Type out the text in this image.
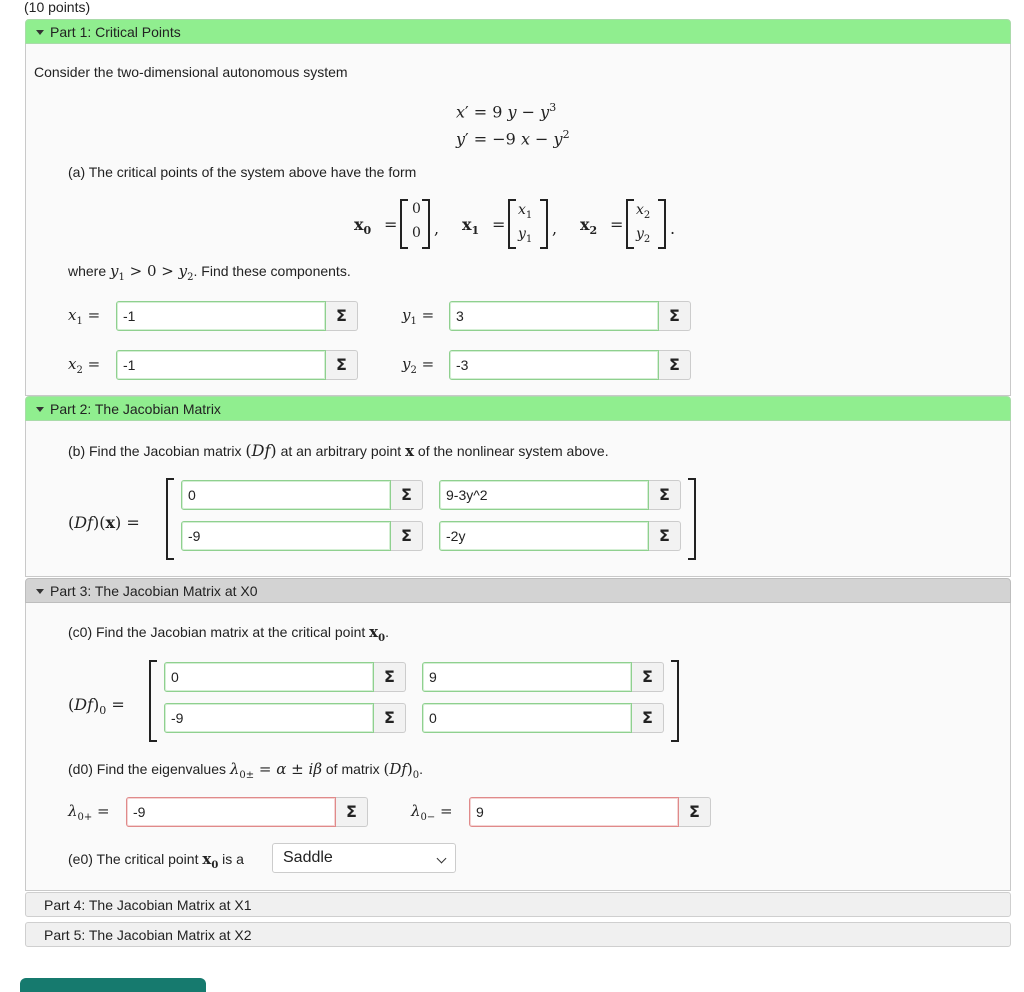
(10 points)
Part 1: Critical Points
Consider the two-dimensional autonomous system
x′ = 9 $y - y^3$
y′ = −9 $x - y^2$
(a) The critical points of the system above have the form
$x_0$ =
0
0 , $x_1$ =
$x_1$
$y_1$
, $x_2$ =
$x_2$
$y_2$
.
where $y_1 > 0 > y_2$. Find these components.
$x_1$ =	-1	Σ	$y_1$ =	3	Σ
$x_2$ =	-1	Σ	$y_2$ =	-3	Σ
Part 2: The Jacobian Matrix
(b) Find the Jacobian matrix (Df) at an arbitrary point x of the nonlinear system above.
(Df)(x) =
0	Σ	9-3y^2	Σ
-9	Σ	-2y	Σ
Part 3: The Jacobian Matrix at X0
(c0) Find the Jacobian matrix at the critical point $x_0$.
$(Df)_0$ =
0	Σ	9	Σ
-9	Σ	0	Σ
(d0) Find the eigenvalues $\lambda_{0\pm} = \alpha \pm i\beta$ of matrix $(Df)_0$.
$\lambda_{0+}$ =	-9	Σ	$\lambda_{0-}$ =	9	Σ
(e0) The critical point $x_0$ is a	Saddle
Part 4: The Jacobian Matrix at X1
Part 5: The Jacobian Matrix at X2
